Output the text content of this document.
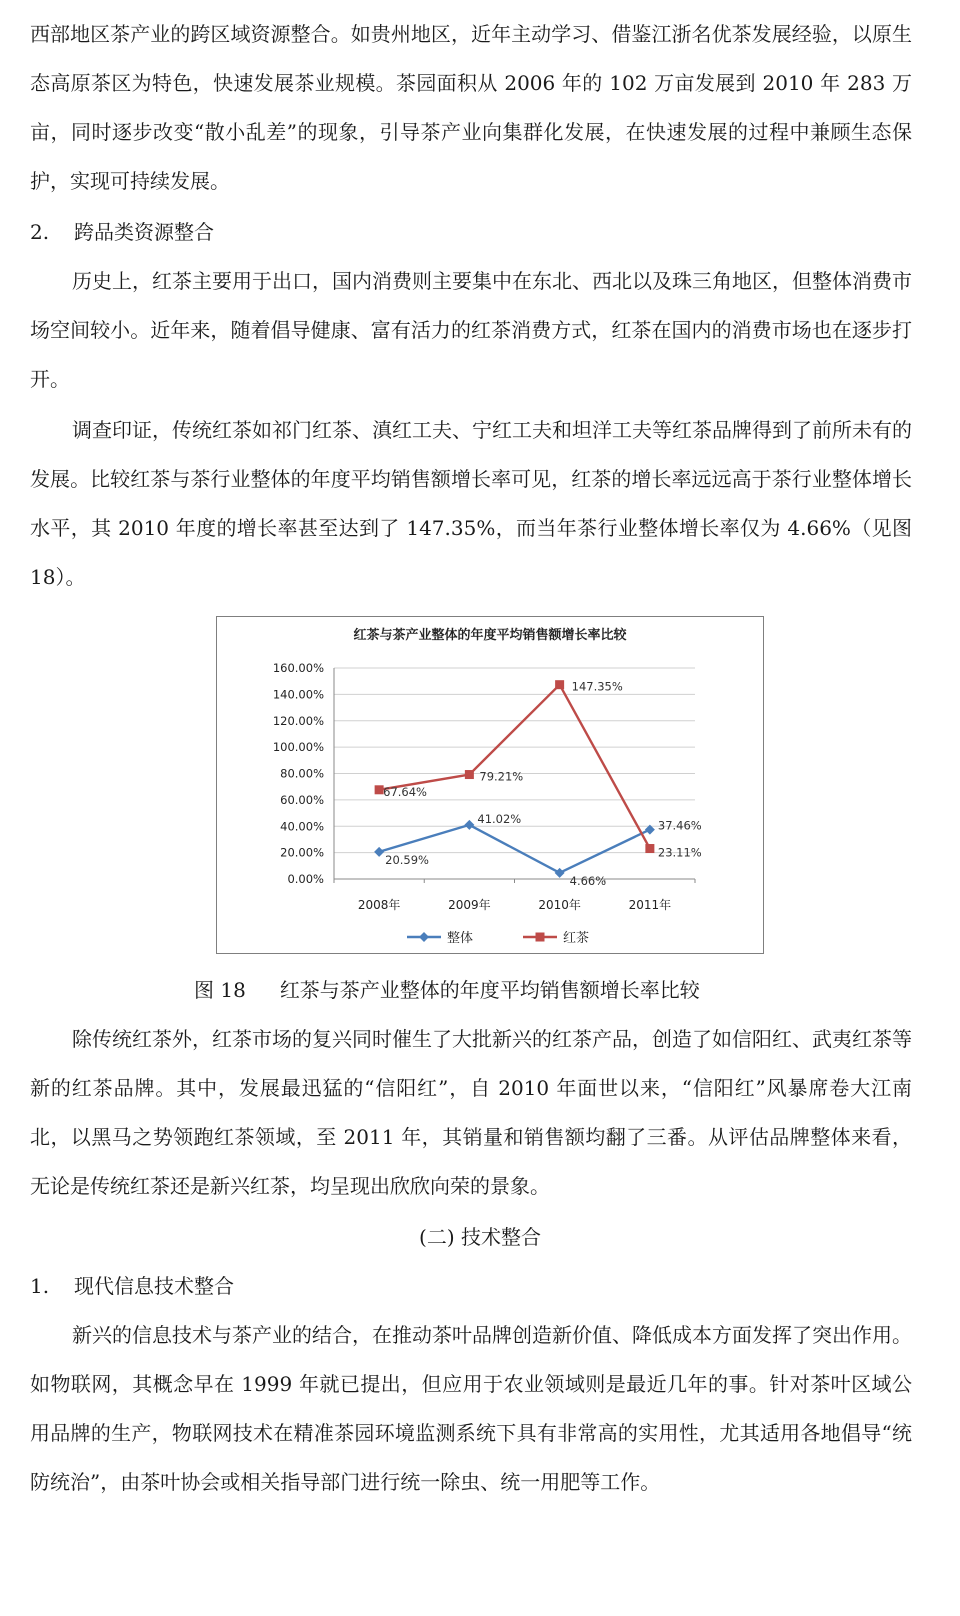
西部地区茶产业的跨区域资源整合。如贵州地区，近年主动学习、借鉴江浙名优茶发展经验，以原生态高原茶区为特色，快速发展茶业规模。茶园面积从 2006 年的 102 万亩发展到 2010 年 283 万亩，同时逐步改变“散小乱差”的现象，引导茶产业向集群化发展，在快速发展的过程中兼顾生态保护，实现可持续发展。

2. 跨品类资源整合

历史上，红茶主要用于出口，国内消费则主要集中在东北、西北以及珠三角地区，但整体消费市场空间较小。近年来，随着倡导健康、富有活力的红茶消费方式，红茶在国内的消费市场也在逐步打开。

调查印证，传统红茶如祁门红茶、滇红工夫、宁红工夫和坦洋工夫等红茶品牌得到了前所未有的发展。比较红茶与茶行业整体的年度平均销售额增长率可见，红茶的增长率远远高于茶行业整体增长水平，其 2010 年度的增长率甚至达到了 147.35%，而当年茶行业整体增长率仅为 4.66%（见图 18）。

红茶与茶产业整体的年度平均销售额增长率比较
0.00%
20.00%
40.00%
60.00%
80.00%
100.00%
120.00%
140.00%
160.00%
2008年	2009年	2010年	2011年
20.59%
41.02%
4.66%
37.46%
67.64%
79.21%
147.35%
23.11%
整体	红茶

图 18 红茶与茶产业整体的年度平均销售额增长率比较

除传统红茶外，红茶市场的复兴同时催生了大批新兴的红茶产品，创造了如信阳红、武夷红茶等新的红茶品牌。其中，发展最迅猛的“信阳红”，自 2010 年面世以来，“信阳红”风暴席卷大江南北，以黑马之势领跑红茶领域，至 2011 年，其销量和销售额均翻了三番。从评估品牌整体来看，无论是传统红茶还是新兴红茶，均呈现出欣欣向荣的景象。

(二) 技术整合

1. 现代信息技术整合

新兴的信息技术与茶产业的结合，在推动茶叶品牌创造新价值、降低成本方面发挥了突出作用。如物联网，其概念早在 1999 年就已提出，但应用于农业领域则是最近几年的事。针对茶叶区域公用品牌的生产，物联网技术在精准茶园环境监测系统下具有非常高的实用性，尤其适用各地倡导“统防统治”，由茶叶协会或相关指导部门进行统一除虫、统一用肥等工作。
